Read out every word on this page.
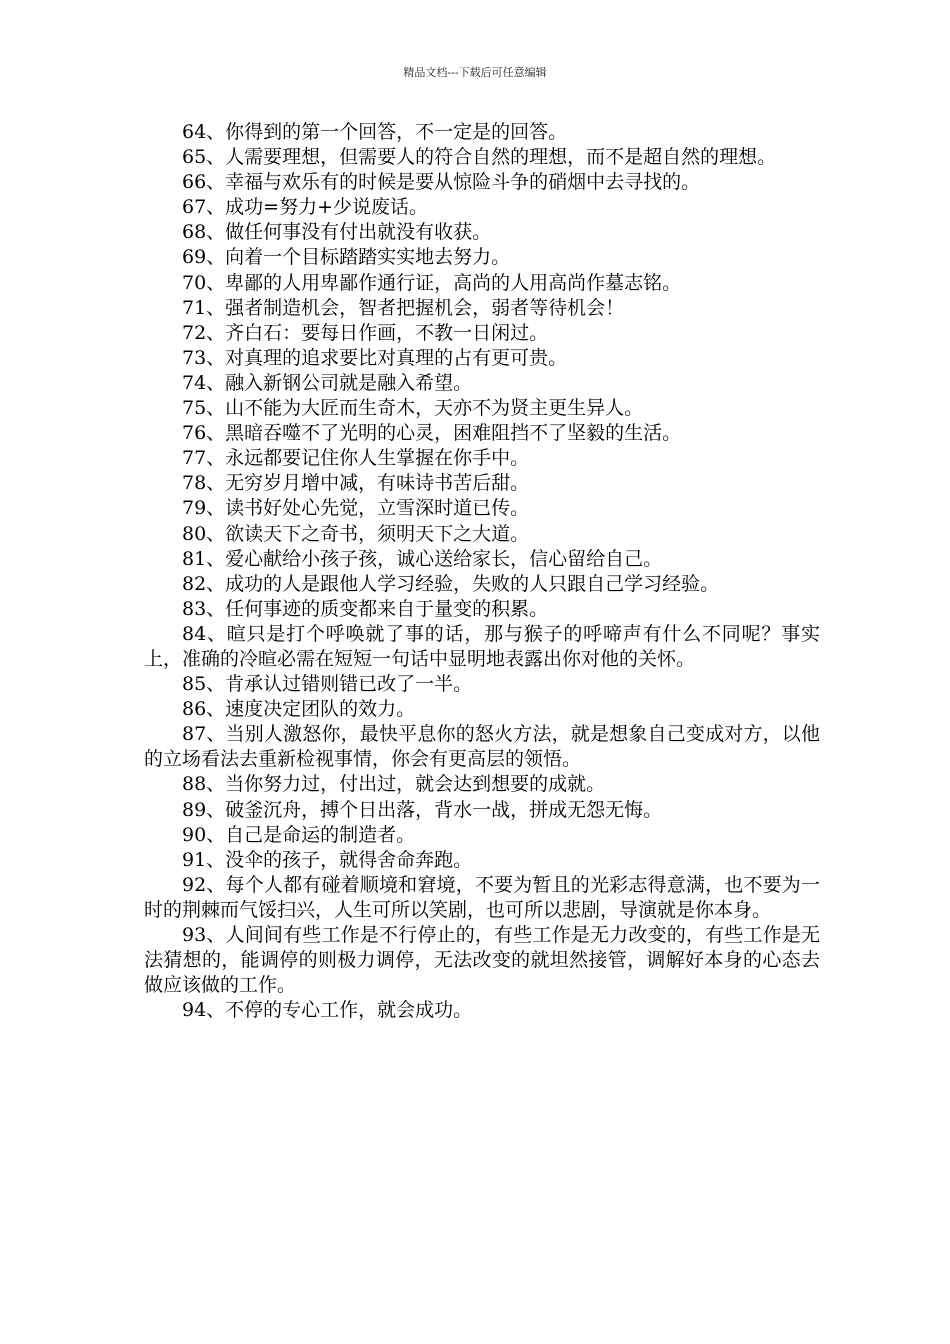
精品文档---下载后可任意编辑

64、你得到的第一个回答，不一定是的回答。

65、人需要理想，但需要人的符合自然的理想，而不是超自然的理想。

66、幸福与欢乐有的时候是要从惊险斗争的硝烟中去寻找的。

67、成功=努力+少说废话。

68、做任何事没有付出就没有收获。

69、向着一个目标踏踏实实地去努力。

70、卑鄙的人用卑鄙作通行证，高尚的人用高尚作墓志铭。

71、强者制造机会，智者把握机会，弱者等待机会！

72、齐白石：要每日作画，不教一日闲过。

73、对真理的追求要比对真理的占有更可贵。

74、融入新钢公司就是融入希望。

75、山不能为大匠而生奇木，天亦不为贤主更生异人。

76、黑暗吞噬不了光明的心灵，困难阻挡不了坚毅的生活。

77、永远都要记住你人生掌握在你手中。

78、无穷岁月增中减，有味诗书苦后甜。

79、读书好处心先觉，立雪深时道已传。

80、欲读天下之奇书，须明天下之大道。

81、爱心献给小孩子孩，诚心送给家长，信心留给自己。

82、成功的人是跟他人学习经验，失败的人只跟自己学习经验。

83、任何事迹的质变都来自于量变的积累。

84、暄只是打个呼唤就了事的话，那与猴子的呼啼声有什么不同呢？事实上，准确的冷暄必需在短短一句话中显明地表露出你对他的关怀。

85、肯承认过错则错已改了一半。

86、速度决定团队的效力。

87、当别人激怒你，最快平息你的怒火方法，就是想象自己变成对方，以他的立场看法去重新检视事情，你会有更高层的领悟。

88、当你努力过，付出过，就会达到想要的成就。

89、破釜沉舟，搏个日出落，背水一战，拼成无怨无悔。

90、自己是命运的制造者。

91、没伞的孩子，就得舍命奔跑。

92、每个人都有碰着顺境和窘境，不要为暂且的光彩志得意满，也不要为一时的荆棘而气馁扫兴，人生可所以笑剧，也可所以悲剧，导演就是你本身。

93、人间间有些工作是不行停止的，有些工作是无力改变的，有些工作是无法猜想的，能调停的则极力调停，无法改变的就坦然接管，调解好本身的心态去做应该做的工作。

94、不停的专心工作，就会成功。
